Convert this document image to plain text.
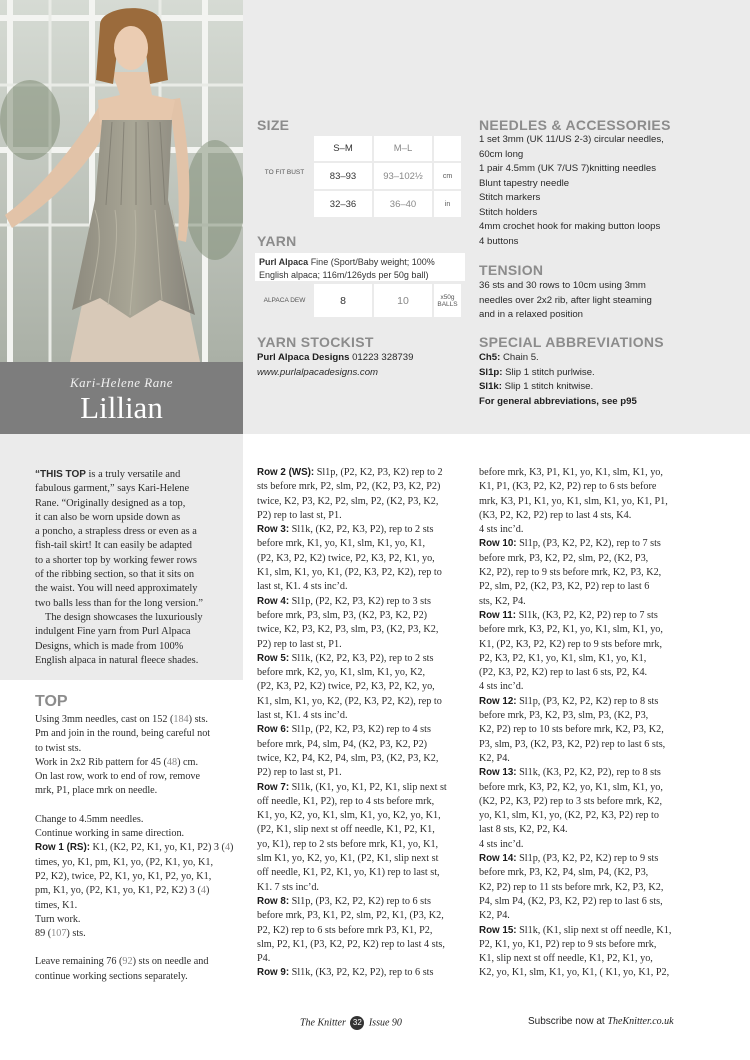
Kari-Helene Rane
Lillian
SIZE
	S–M	M–L	
TO FIT BUST	83–93	93–102½	cm
	32–36	36–40	in
YARN
Purl Alpaca Fine (Sport/Baby weight; 100% English alpaca; 116m/126yds per 50g ball)
ALPACA DEW	8	10	x50g BALLS
YARN STOCKIST
Purl Alpaca Designs 01223 328739
www.purlalpacadesigns.com
NEEDLES & ACCESSORIES
1 set 3mm (UK 11/US 2-3) circular needles,
60cm long
1 pair 4.5mm (UK 7/US 7)knitting needles
Blunt tapestry needle
Stitch markers
Stitch holders
4mm crochet hook for making button loops
4 buttons
TENSION
36 sts and 30 rows to 10cm using 3mm
needles over 2x2 rib, after light steaming
and in a relaxed position
SPECIAL ABBREVIATIONS
Ch5: Chain 5.
Sl1p: Slip 1 stitch purlwise.
Sl1k: Slip 1 stitch knitwise.
For general abbreviations, see p95

“THIS TOP is a truly versatile and

fabulous garment,” says Kari-Helene

Rane. “Originally designed as a top,

it can also be worn upside down as

a poncho, a strapless dress or even as a

fish-tail skirt! It can easily be adapted

to a shorter top by working fewer rows

of the ribbing section, so that it sits on

the waist. You will need approximately

two balls less than for the long version.”

The design showcases the luxuriously

indulgent Fine yarn from Purl Alpaca

Designs, which is made from 100%

English alpaca in natural fleece shades.

TOP

Using 3mm needles, cast on 152 (184) sts.

Pm and join in the round, being careful not

to twist sts.

Work in 2x2 Rib pattern for 45 (48) cm.

On last row, work to end of row, remove

mrk, P1, place mrk on needle.

Change to 4.5mm needles.

Continue working in same direction.

Row 1 (RS): K1, (K2, P2, K1, yo, K1, P2) 3 (4)

times, yo, K1, pm, K1, yo, (P2, K1, yo, K1,

P2, K2), twice, P2, K1, yo, K1, P2, yo, K1,

pm, K1, yo, (P2, K1, yo, K1, P2, K2) 3 (4)

times, K1.

Turn work.

89 (107) sts.

Leave remaining 76 (92) sts on needle and

continue working sections separately.

Row 2 (WS): Sl1p, (P2, K2, P3, K2) rep to 2

sts before mrk, P2, slm, P2, (K2, P3, K2, P2)

twice, K2, P3, K2, P2, slm, P2, (K2, P3, K2,

P2) rep to last st, P1.

Row 3: Sl1k, (K2, P2, K3, P2), rep to 2 sts

before mrk, K1, yo, K1, slm, K1, yo, K1,

(P2, K3, P2, K2) twice, P2, K3, P2, K1, yo,

K1, slm, K1, yo, K1, (P2, K3, P2, K2), rep to

last st, K1. 4 sts inc’d.

Row 4: Sl1p, (P2, K2, P3, K2) rep to 3 sts

before mrk, P3, slm, P3, (K2, P3, K2, P2)

twice, K2, P3, K2, P3, slm, P3, (K2, P3, K2,

P2) rep to last st, P1.

Row 5: Sl1k, (K2, P2, K3, P2), rep to 2 sts

before mrk, K2, yo, K1, slm, K1, yo, K2,

(P2, K3, P2, K2) twice, P2, K3, P2, K2, yo,

K1, slm, K1, yo, K2, (P2, K3, P2, K2), rep to

last st, K1. 4 sts inc’d.

Row 6: Sl1p, (P2, K2, P3, K2) rep to 4 sts

before mrk, P4, slm, P4, (K2, P3, K2, P2)

twice, K2, P4, K2, P4, slm, P3, (K2, P3, K2,

P2) rep to last st, P1.

Row 7: Sl1k, (K1, yo, K1, P2, K1, slip next st

off needle, K1, P2), rep to 4 sts before mrk,

K1, yo, K2, yo, K1, slm, K1, yo, K2, yo, K1,

(P2, K1, slip next st off needle, K1, P2, K1,

yo, K1), rep to 2 sts before mrk, K1, yo, K1,

slm K1, yo, K2, yo, K1, (P2, K1, slip next st

off needle, K1, P2, K1, yo, K1) rep to last st,

K1. 7 sts inc’d.

Row 8: Sl1p, (P3, K2, P2, K2) rep to 6 sts

before mrk, P3, K1, P2, slm, P2, K1, (P3, K2,

P2, K2) rep to 6 sts before mrk P3, K1, P2,

slm, P2, K1, (P3, K2, P2, K2) rep to last 4 sts,

P4.

Row 9: Sl1k, (K3, P2, K2, P2), rep to 6 sts

before mrk, K3, P1, K1, yo, K1, slm, K1, yo,

K1, P1, (K3, P2, K2, P2) rep to 6 sts before

mrk, K3, P1, K1, yo, K1, slm, K1, yo, K1, P1,

(K3, P2, K2, P2) rep to last 4 sts, K4.

4 sts inc’d.

Row 10: Sl1p, (P3, K2, P2, K2), rep to 7 sts

before mrk, P3, K2, P2, slm, P2, (K2, P3,

K2, P2), rep to 9 sts before mrk, K2, P3, K2,

P2, slm, P2, (K2, P3, K2, P2) rep to last 6

sts, K2, P4.

Row 11: Sl1k, (K3, P2, K2, P2) rep to 7 sts

before mrk, K3, P2, K1, yo, K1, slm, K1, yo,

K1, (P2, K3, P2, K2) rep to 9 sts before mrk,

P2, K3, P2, K1, yo, K1, slm, K1, yo, K1,

(P2, K3, P2, K2) rep to last 6 sts, P2, K4.

4 sts inc’d.

Row 12: Sl1p, (P3, K2, P2, K2) rep to 8 sts

before mrk, P3, K2, P3, slm, P3, (K2, P3,

K2, P2) rep to 10 sts before mrk, K2, P3, K2,

P3, slm, P3, (K2, P3, K2, P2) rep to last 6 sts,

K2, P4.

Row 13: Sl1k, (K3, P2, K2, P2), rep to 8 sts

before mrk, K3, P2, K2, yo, K1, slm, K1, yo,

(K2, P2, K3, P2) rep to 3 sts before mrk, K2,

yo, K1, slm, K1, yo, (K2, P2, K3, P2) rep to

last 8 sts, K2, P2, K4.

4 sts inc’d.

Row 14: Sl1p, (P3, K2, P2, K2) rep to 9 sts

before mrk, P3, K2, P4, slm, P4, (K2, P3,

K2, P2) rep to 11 sts before mrk, K2, P3, K2,

P4, slm P4, (K2, P3, K2, P2) rep to last 6 sts,

K2, P4.

Row 15: Sl1k, (K1, slip next st off needle, K1,

P2, K1, yo, K1, P2) rep to 9 sts before mrk,

K1, slip next st off needle, K1, P2, K1, yo,

K2, yo, K1, slm, K1, yo, K1, ( K1, yo, K1, P2,

The Knitter 32 Issue 90	Subscribe now at TheKnitter.co.uk
